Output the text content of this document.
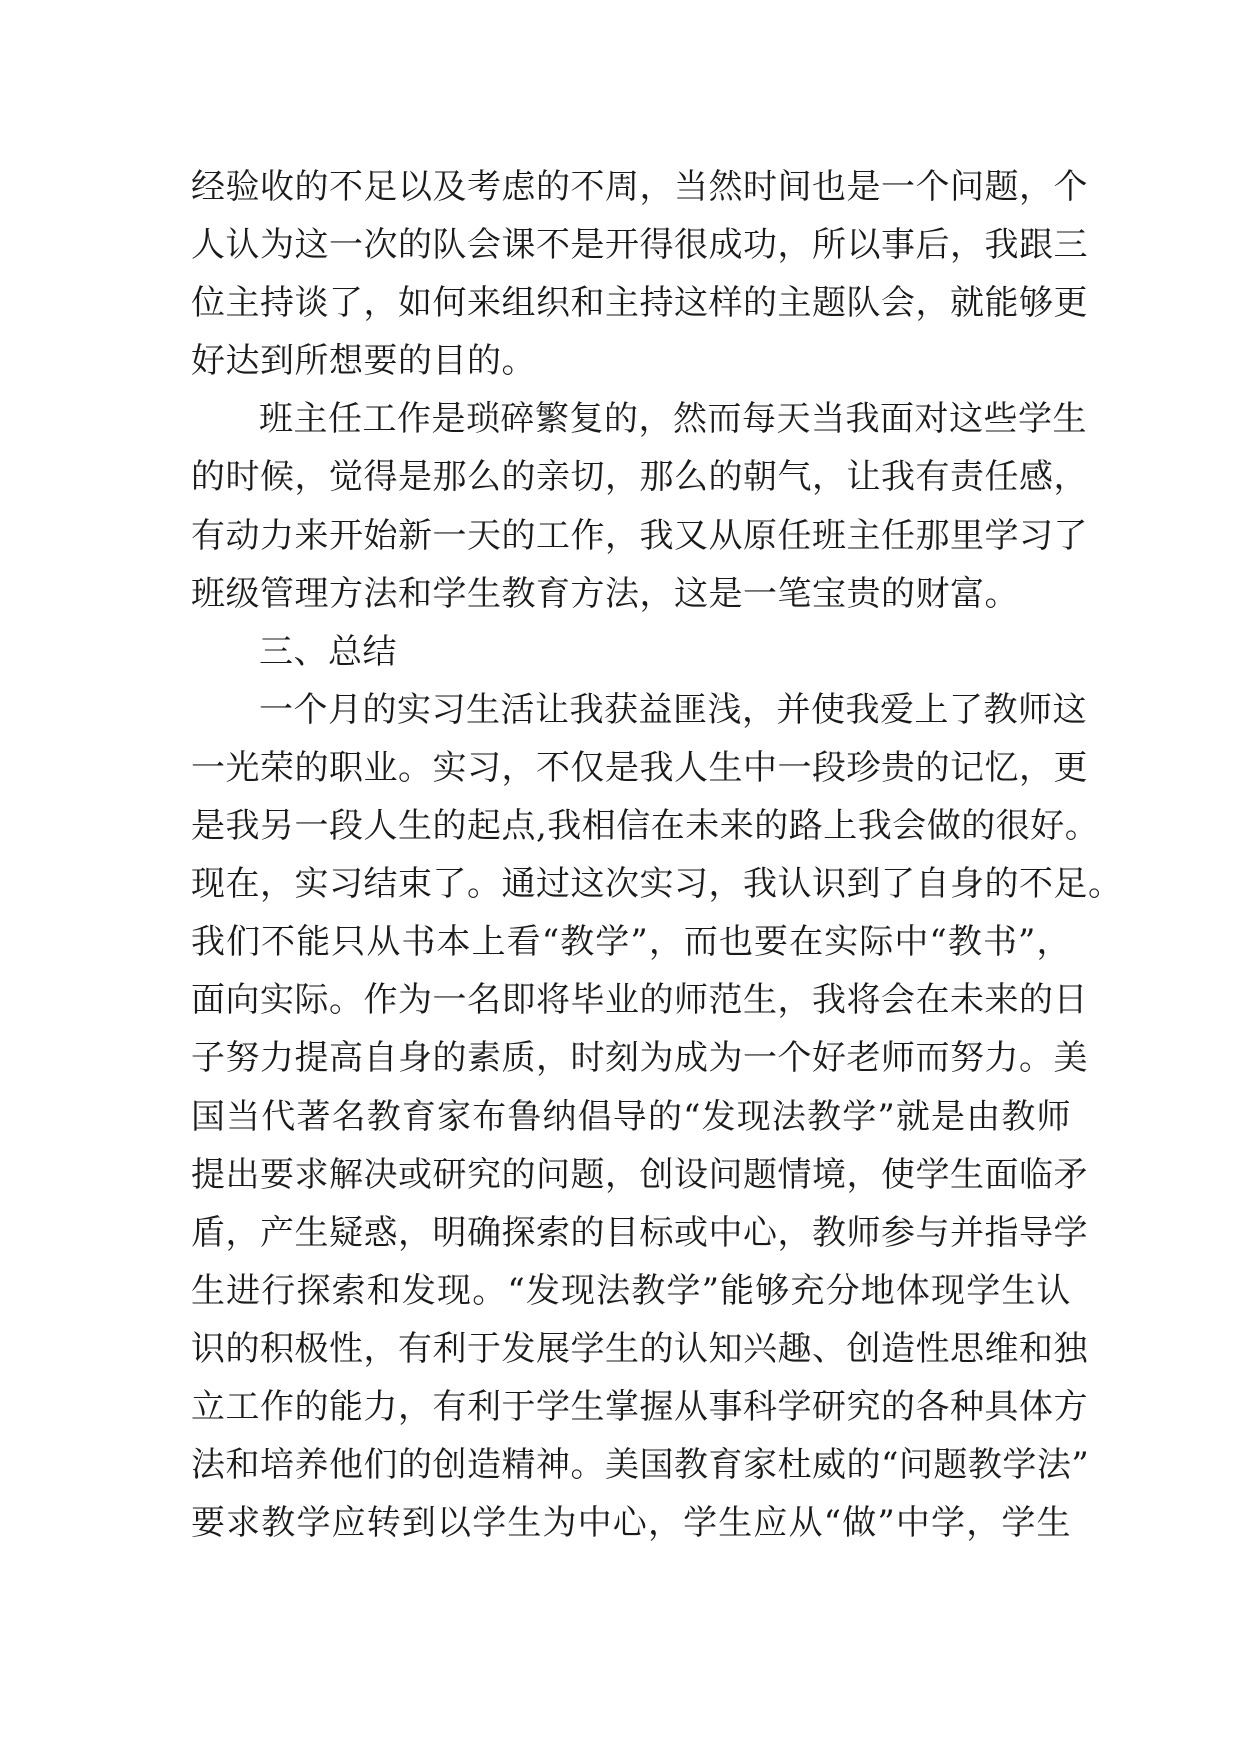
经验收的不足以及考虑的不周，当然时间也是一个问题，个
人认为这一次的队会课不是开得很成功，所以事后，我跟三
位主持谈了，如何来组织和主持这样的主题队会，就能够更
好达到所想要的目的。
班主任工作是琐碎繁复的，然而每天当我面对这些学生
的时候，觉得是那么的亲切，那么的朝气，让我有责任感，
有动力来开始新一天的工作，我又从原任班主任那里学习了
班级管理方法和学生教育方法，这是一笔宝贵的财富。
三、总结
一个月的实习生活让我获益匪浅，并使我爱上了教师这
一光荣的职业。实习，不仅是我人生中一段珍贵的记忆，更
是我另一段人生的起点,我相信在未来的路上我会做的很好。
现在，实习结束了。通过这次实习，我认识到了自身的不足。
我们不能只从书本上看“教学”，而也要在实际中“教书”，
面向实际。作为一名即将毕业的师范生，我将会在未来的日
子努力提高自身的素质，时刻为成为一个好老师而努力。美
国当代著名教育家布鲁纳倡导的“发现法教学”就是由教师
提出要求解决或研究的问题，创设问题情境，使学生面临矛
盾，产生疑惑，明确探索的目标或中心，教师参与并指导学
生进行探索和发现。“发现法教学”能够充分地体现学生认
识的积极性，有利于发展学生的认知兴趣、创造性思维和独
立工作的能力，有利于学生掌握从事科学研究的各种具体方
法和培养他们的创造精神。美国教育家杜威的“问题教学法”
要求教学应转到以学生为中心，学生应从“做”中学，学生
